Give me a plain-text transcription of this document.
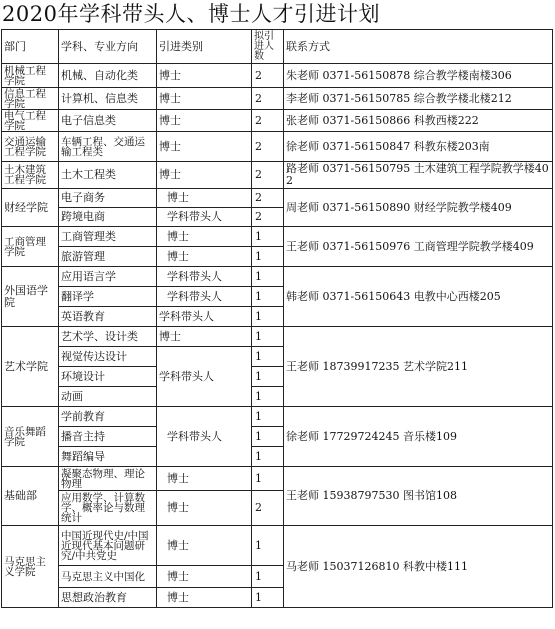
2020年学科带头人、博士人才引进计划
部门	学科、专业方向	引进类别	拟引进人数	联系方式
机械工程学院	机械、自动化类	博士	2	朱老师 0371-56150878 综合教学楼南楼306
信息工程学院	计算机、信息类	博士	2	李老师 0371-56150785 综合教学楼北楼212
电气工程学院	电子信息类	博士	2	张老师 0371-56150866 科教西楼222
交通运输工程学院	车辆工程、交通运输工程类	博士	2	徐老师 0371-56150847 科教东楼203南
土木建筑工程学院	土木工程类	博士	2	路老师 0371-56150795 土木建筑工程学院教学楼402
财经学院	电子商务	博士	2	周老师 0371-56150890 财经学院教学楼409
	跨境电商	学科带头人	2	
工商管理学院	工商管理类	博士	1	王老师 0371-56150976 工商管理学院教学楼409
	旅游管理	博士	1	
外国语学院	应用语言学	学科带头人	1	韩老师 0371-56150643 电教中心西楼205
	翻译学	学科带头人	1	
	英语教育	学科带头人	1	
艺术学院	艺术学、设计类	博士	1	王老师 18739917235 艺术学院211
	视觉传达设计	学科带头人	1	
	环境设计		1	
	动画		1	
音乐舞蹈学院	学前教育	学科带头人	1	徐老师 17729724245 音乐楼109
	播音主持		1	
	舞蹈编导		1	
基础部	凝聚态物理、理论物理	博士	1	王老师 15938797530 图书馆108
	应用数学、计算数学、概率论与数理统计	博士	2	
马克思主义学院	中国近现代史/中国近现代基本问题研究/中共党史	博士	1	马老师 15037126810 科教中楼111
	马克思主义中国化	博士	1	
	思想政治教育	博士	1	
